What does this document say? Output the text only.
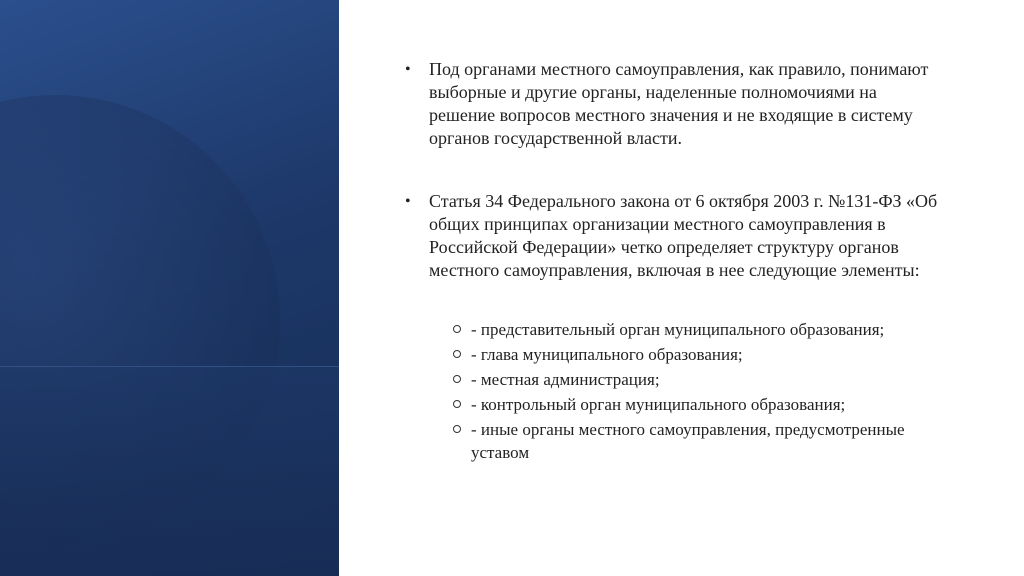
• Под органами местного самоуправления, как правило, понимают выборные и другие органы, наделенные полномочиями на решение вопросов местного значения и не входящие в систему органов государственной власти.

• Статья 34 Федерального закона от 6 октября 2003 г. №131-ФЗ «Об общих принципах организации местного самоуправления в Российской Федерации» четко определяет структуру органов местного самоуправления, включая в нее следующие элементы:

- представительный орган муниципального образования;
- глава муниципального образования;
- местная администрация;
- контрольный орган муниципального образования;
- иные органы местного самоуправления, предусмотренные уставом
